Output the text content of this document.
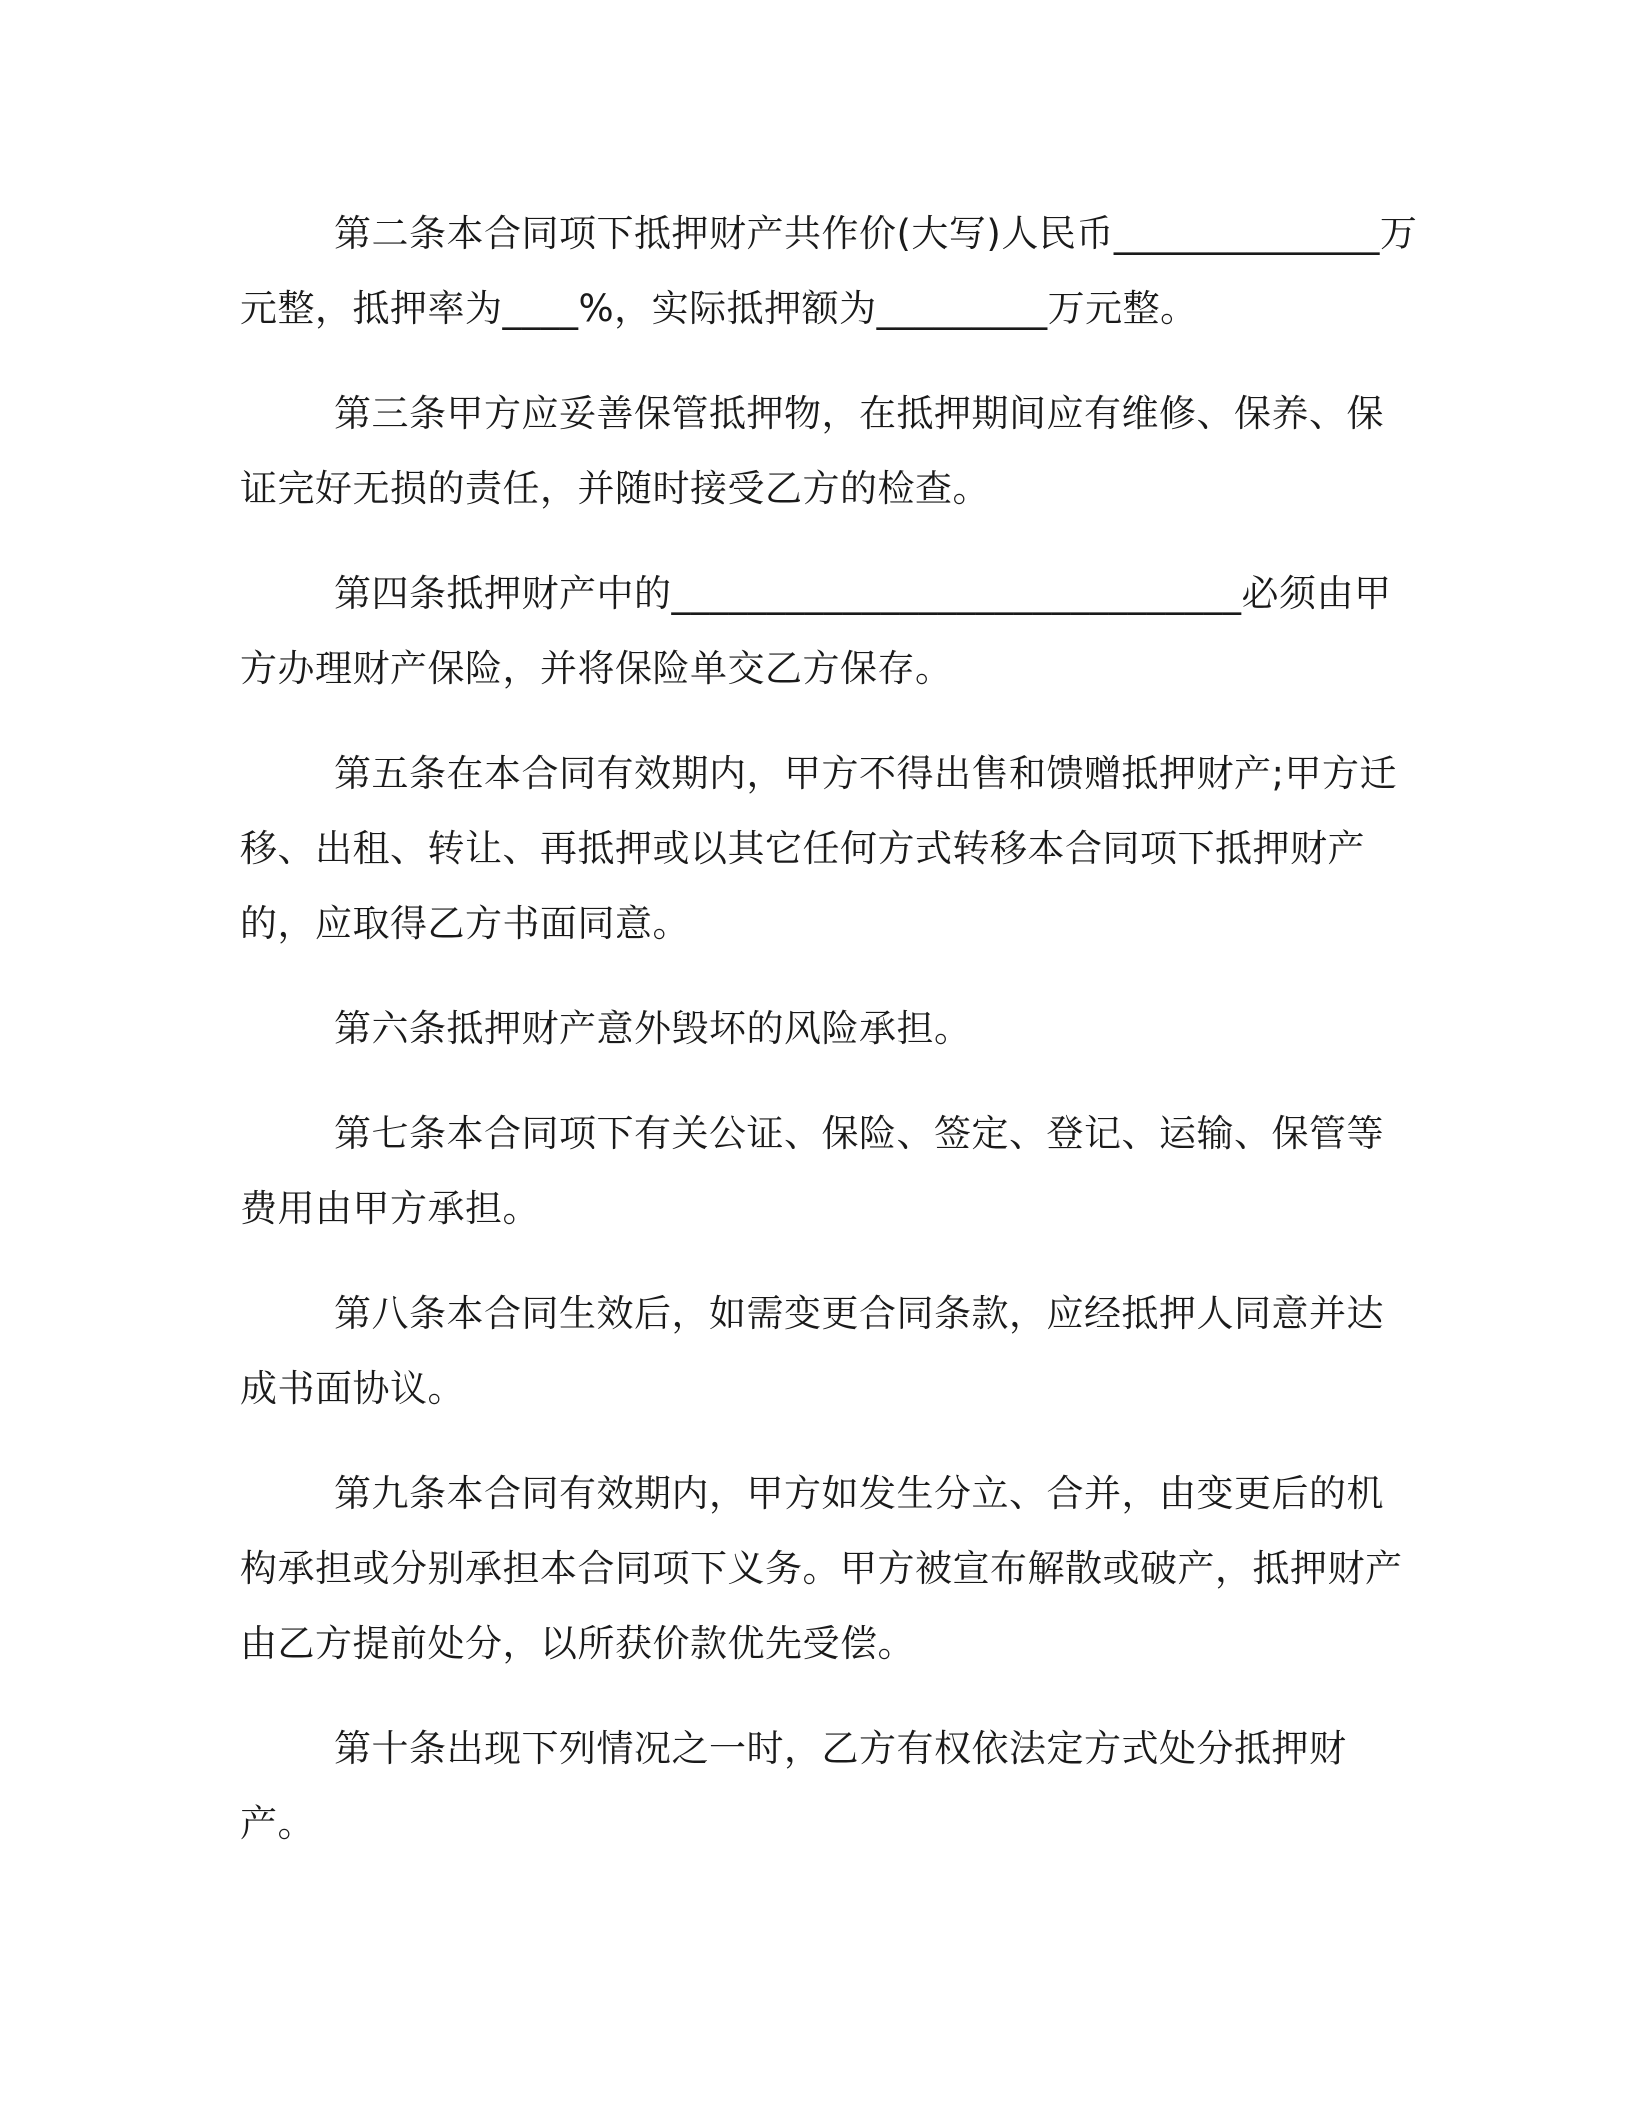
第二条本合同项下抵押财产共作价(大写)人民币______________万元整，抵押率为____%，实际抵押额为_________万元整。

第三条甲方应妥善保管抵押物，在抵押期间应有维修、保养、保证完好无损的责任，并随时接受乙方的检查。

第四条抵押财产中的______________________________必须由甲方办理财产保险，并将保险单交乙方保存。

第五条在本合同有效期内，甲方不得出售和馈赠抵押财产;甲方迁移、出租、转让、再抵押或以其它任何方式转移本合同项下抵押财产的，应取得乙方书面同意。

第六条抵押财产意外毁坏的风险承担。

第七条本合同项下有关公证、保险、签定、登记、运输、保管等费用由甲方承担。

第八条本合同生效后，如需变更合同条款，应经抵押人同意并达成书面协议。

第九条本合同有效期内，甲方如发生分立、合并，由变更后的机构承担或分别承担本合同项下义务。甲方被宣布解散或破产，抵押财产由乙方提前处分，以所获价款优先受偿。

第十条出现下列情况之一时，乙方有权依法定方式处分抵押财产。
